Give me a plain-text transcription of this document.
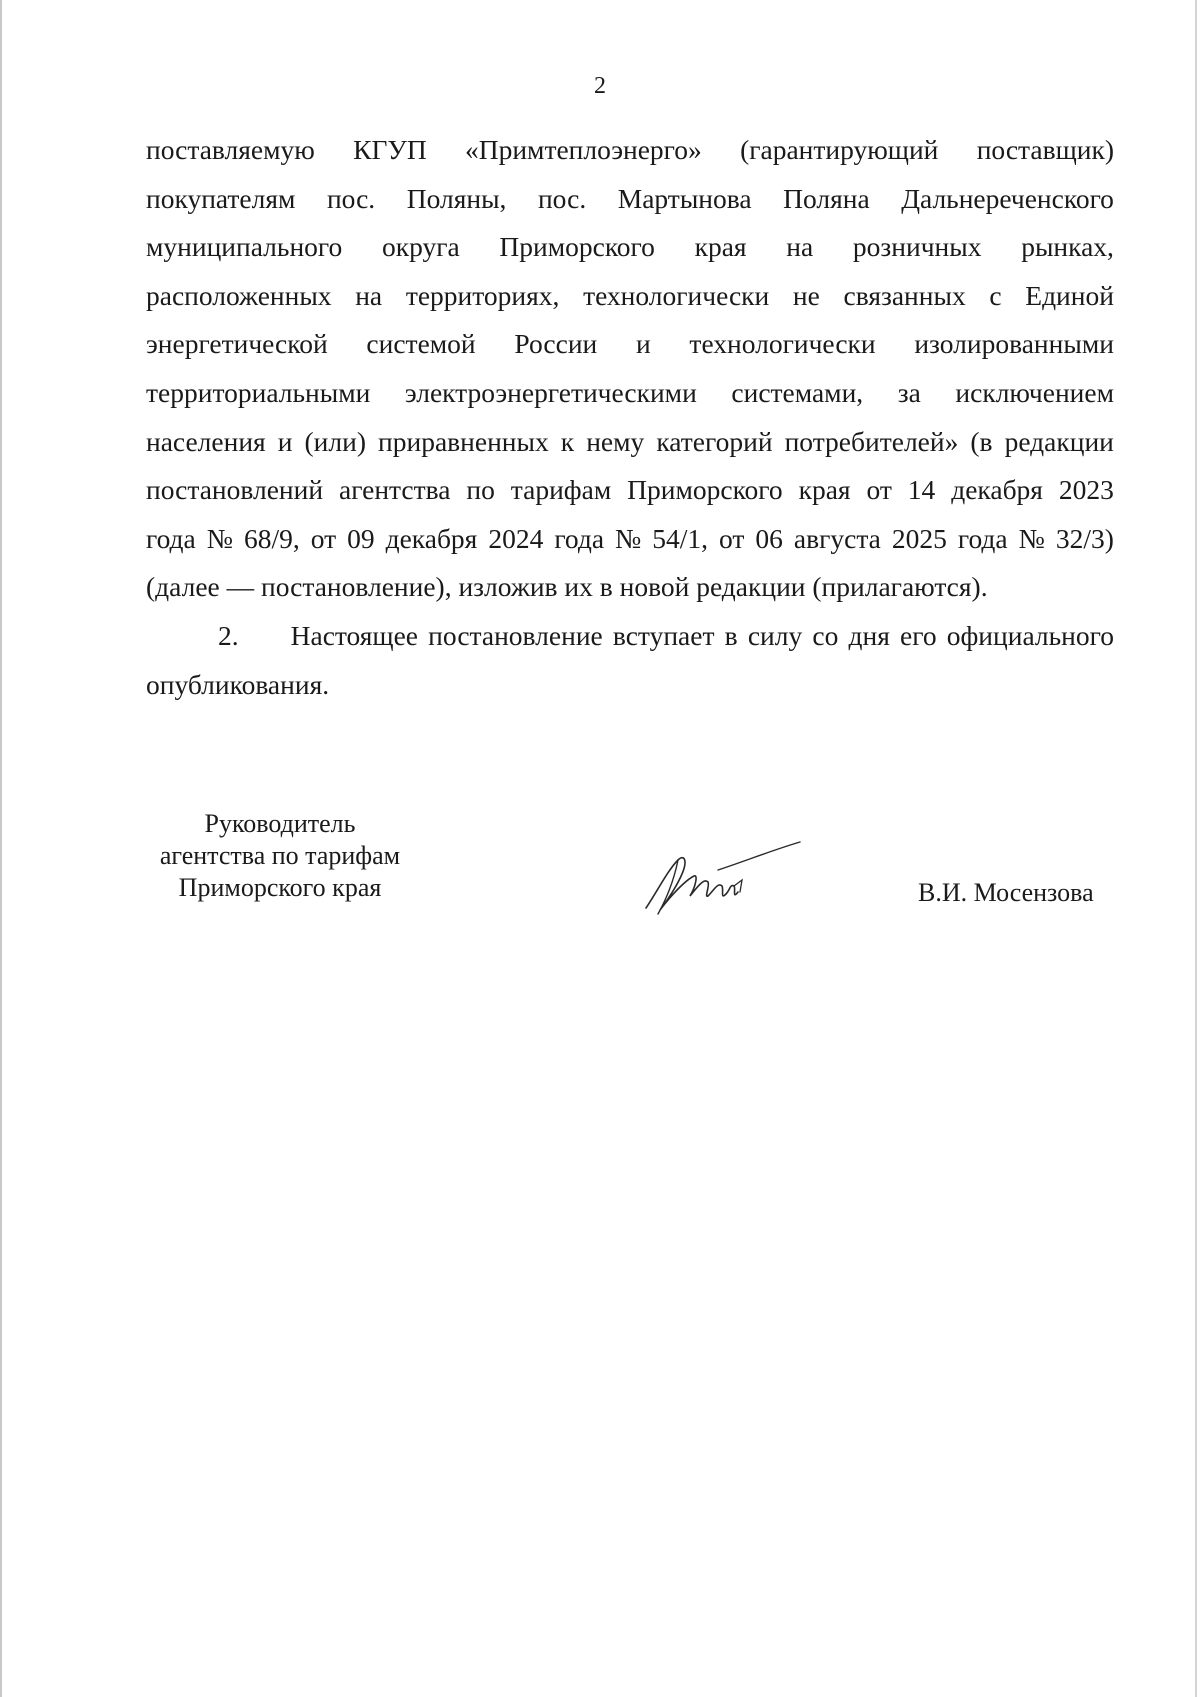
2
поставляемую КГУП «Примтеплоэнерго» (гарантирующий поставщик)
покупателям пос. Поляны, пос. Мартынова Поляна Дальнереченского
муниципального округа Приморского края на розничных рынках,
расположенных на территориях, технологически не связанных с Единой
энергетической системой России и технологически изолированными
территориальными электроэнергетическими системами, за исключением
населения и (или) приравненных к нему категорий потребителей» (в редакции
постановлений агентства по тарифам Приморского края от 14 декабря 2023
года № 68/9, от 09 декабря 2024 года № 54/1, от 06 августа 2025 года № 32/3)
(далее — постановление), изложив их в новой редакции (прилагаются).
2.	Настоящее постановление вступает в силу со дня его официального
опубликования.
Руководитель
агентства по тарифам
Приморского края	В.И. Мосензова
